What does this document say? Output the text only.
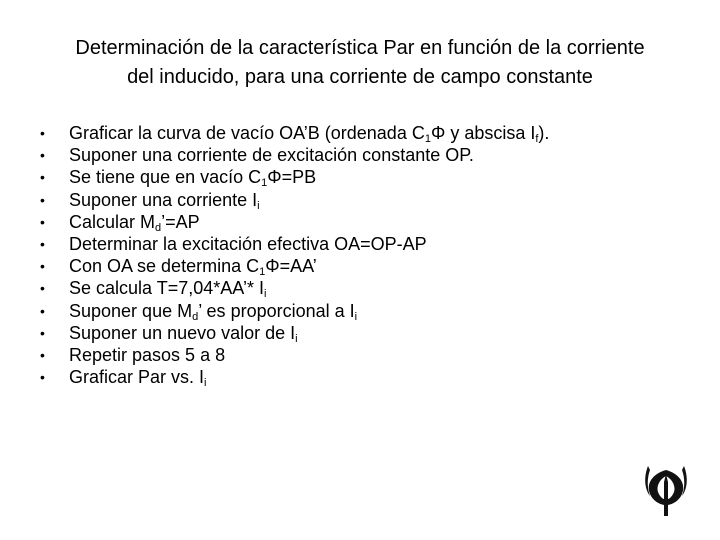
Determinación de la característica Par en función de la corriente
del inducido, para una corriente de campo constante
•	Graficar la curva de vacío OA’B (ordenada $C_1\Phi$ y abscisa $I_f$).
•	Suponer una corriente de excitación constante OP.
•	Se tiene que en vacío $C_1\Phi=PB$
•	Suponer una corriente $I_i$
•	Calcular $M_d’=AP$
•	Determinar la excitación efectiva OA=OP-AP
•	Con OA se determina $C_1\Phi=AA$’
•	Se calcula T=7,04*AA’* $I_i$
•	Suponer que $M_d$’ es proporcional a $I_i$
•	Suponer un nuevo valor de $I_i$
•	Repetir pasos 5 a 8
•	Graficar Par vs. $I_i$
